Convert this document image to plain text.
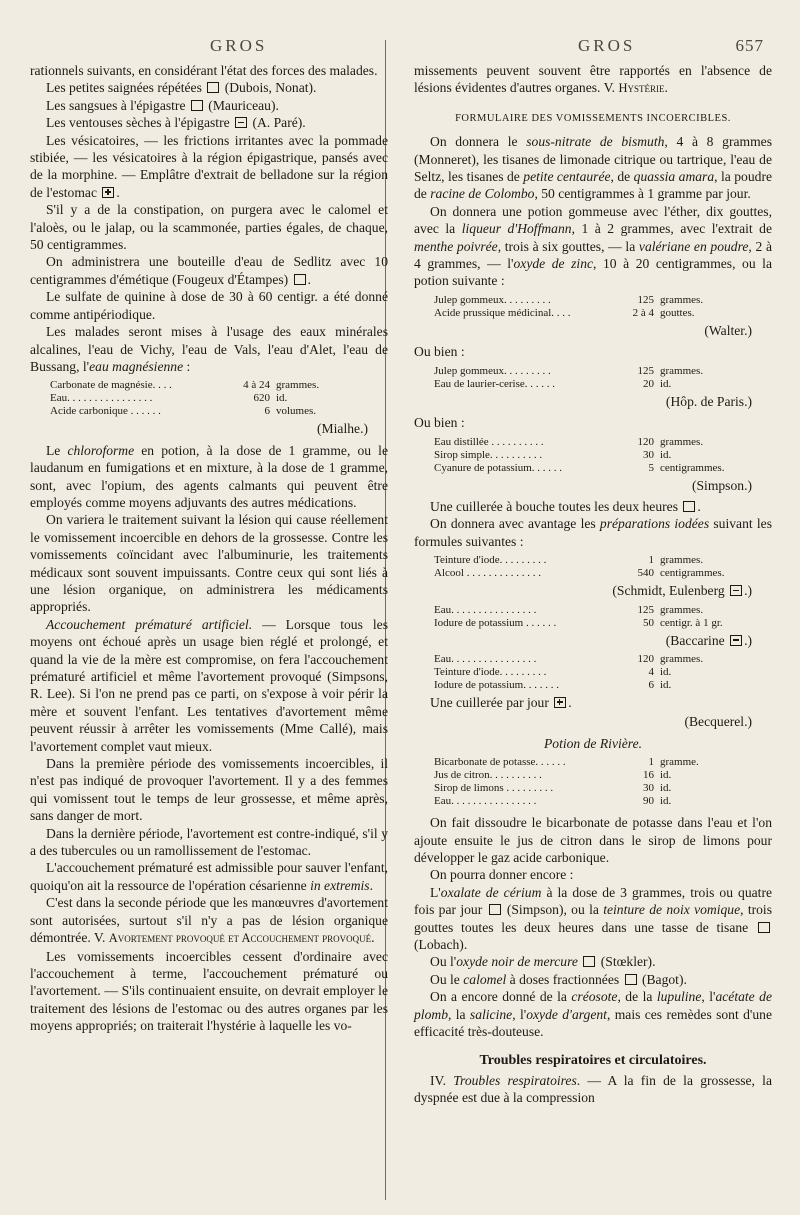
GROS	GROS	657

rationnels suivants, en considérant l'état des forces des malades.

Les petites saignées répétées (Dubois, Nonat).

Les sangsues à l'épigastre (Mauriceau).

Les ventouses sèches à l'épigastre (A. Paré).

Les vésicatoires, — les frictions irritantes avec la pommade stibiée, — les vésicatoires à la région épigastrique, pansés avec de la morphine. — Emplâtre d'extrait de belladone sur la région de l'estomac .

S'il y a de la constipation, on purgera avec le calomel et l'aloès, ou le jalap, ou la scammonée, parties égales, de chaque, 50 centigrammes.

On administrera une bouteille d'eau de Sedlitz avec 10 centigrammes d'émétique (Fougeux d'Étampes) .

Le sulfate de quinine à dose de 30 à 60 centigr. a été donné comme antipériodique.

Les malades seront mises à l'usage des eaux minérales alcalines, l'eau de Vichy, l'eau de Vals, l'eau d'Alet, l'eau de Bussang, l'eau magnésienne :

Carbonate de magnésie. . . .	4 à 24	grammes.
Eau. . . . . . . . . . . . . . . .	620	id.
Acide carbonique . . . . . .	6	volumes.
(Mialhe.)

Le chloroforme en potion, à la dose de 1 gramme, ou le laudanum en fumigations et en mixture, à la dose de 1 gramme, sont, avec l'opium, des agents calmants qui peuvent être employés comme moyens adjuvants des autres médications.

On variera le traitement suivant la lésion qui cause réellement le vomissement incoercible en dehors de la grossesse. Contre les vomissements coïncidant avec l'albuminurie, les traitements médicaux sont souvent impuissants. Contre ceux qui sont liés à une lésion organique, on administrera les médicaments appropriés.

Accouchement prématuré artificiel. — Lorsque tous les moyens ont échoué après un usage bien réglé et prolongé, et quand la vie de la mère est compromise, on fera l'accouchement prématuré artificiel et même l'avortement provoqué (Simpsons, R. Lee). Si l'on ne prend pas ce parti, on s'expose à voir périr la mère et souvent l'enfant. Les tentatives d'avortement même peuvent réussir à arrêter les vomissements (Mme Callé), mais l'avortement complet vaut mieux.

Dans la première période des vomissements incoercibles, il n'est pas indiqué de provoquer l'avortement. Il y a des femmes qui vomissent tout le temps de leur grossesse, et même après, sans danger de mort.

Dans la dernière période, l'avortement est contre-indiqué, s'il y a des tubercules ou un ramollissement de l'estomac.

L'accouchement prématuré est admissible pour sauver l'enfant, quoiqu'on ait la ressource de l'opération césarienne in extremis.

C'est dans la seconde période que les manœuvres d'avortement sont autorisées, surtout s'il n'y a pas de lésion organique démontrée. V. Avortement provoqué et Accouchement provoqué.

Les vomissements incoercibles cessent d'ordinaire avec l'accouchement à terme, l'accouchement prématuré ou l'avortement. — S'ils continuaient ensuite, on devrait employer le traitement des lésions de l'estomac ou des autres organes par les moyens appropriés; on traiterait l'hystérie à laquelle les vo-

missements peuvent souvent être rapportés en l'absence de lésions évidentes d'autres organes. V. Hystérie.

FORMULAIRE DES VOMISSEMENTS INCOERCIBLES.

On donnera le sous-nitrate de bismuth, 4 à 8 grammes (Monneret), les tisanes de limonade citrique ou tartrique, l'eau de Seltz, les tisanes de petite centaurée, de quassia amara, la poudre de racine de Colombo, 50 centigrammes à 1 gramme par jour.

On donnera une potion gommeuse avec l'éther, dix gouttes, avec la liqueur d'Hoffmann, 1 à 2 grammes, avec l'extrait de menthe poivrée, trois à six gouttes, — la valériane en poudre, 2 à 4 grammes, — l'oxyde de zinc, 10 à 20 centigrammes, ou la potion suivante :

Julep gommeux. . . . . . . . .	125	grammes.
Acide prussique médicinal. . . .	2 à 4	gouttes.
(Walter.)

Ou bien :

Julep gommeux. . . . . . . . .	125	grammes.
Eau de laurier-cerise. . . . . .	20	id.
(Hôp. de Paris.)

Ou bien :

Eau distillée . . . . . . . . . .	120	grammes.
Sirop simple. . . . . . . . . .	30	id.
Cyanure de potassium. . . . . .	5	centigrammes.
(Simpson.)

Une cuillerée à bouche toutes les deux heures .

On donnera avec avantage les préparations iodées suivant les formules suivantes :

Teinture d'iode. . . . . . . . .	1	grammes.
Alcool . . . . . . . . . . . . . .	540	centigrammes.
(Schmidt, Eulenberg .)
Eau. . . . . . . . . . . . . . . .	125	grammes.
Iodure de potassium . . . . . .	50	centigr. à 1 gr.
(Baccarine .)
Eau. . . . . . . . . . . . . . . .	120	grammes.
Teinture d'iode. . . . . . . . .	4	id.
Iodure de potassium. . . . . . .	6	id.

Une cuillerée par jour .

(Becquerel.)

Potion de Rivière.

Bicarbonate de potasse. . . . . .	1	gramme.
Jus de citron. . . . . . . . . .	16	id.
Sirop de limons . . . . . . . . .	30	id.
Eau. . . . . . . . . . . . . . . .	90	id.

On fait dissoudre le bicarbonate de potasse dans l'eau et l'on ajoute ensuite le jus de citron dans le sirop de limons pour développer le gaz acide carbonique.

On pourra donner encore :

L'oxalate de cérium à la dose de 3 grammes, trois ou quatre fois par jour  (Simpson), ou la teinture de noix vomique, trois gouttes toutes les deux heures dans une tasse de tisane  (Lobach).

Ou l'oxyde noir de mercure  (Stœkler).

Ou le calomel à doses fractionnées  (Bagot).

On a encore donné de la créosote, de la lupuline, l'acétate de plomb, la salicine, l'oxyde d'argent, mais ces remèdes sont d'une efficacité très-douteuse.

Troubles respiratoires et circulatoires.

IV. Troubles respiratoires. — A la fin de la grossesse, la dyspnée est due à la compression
